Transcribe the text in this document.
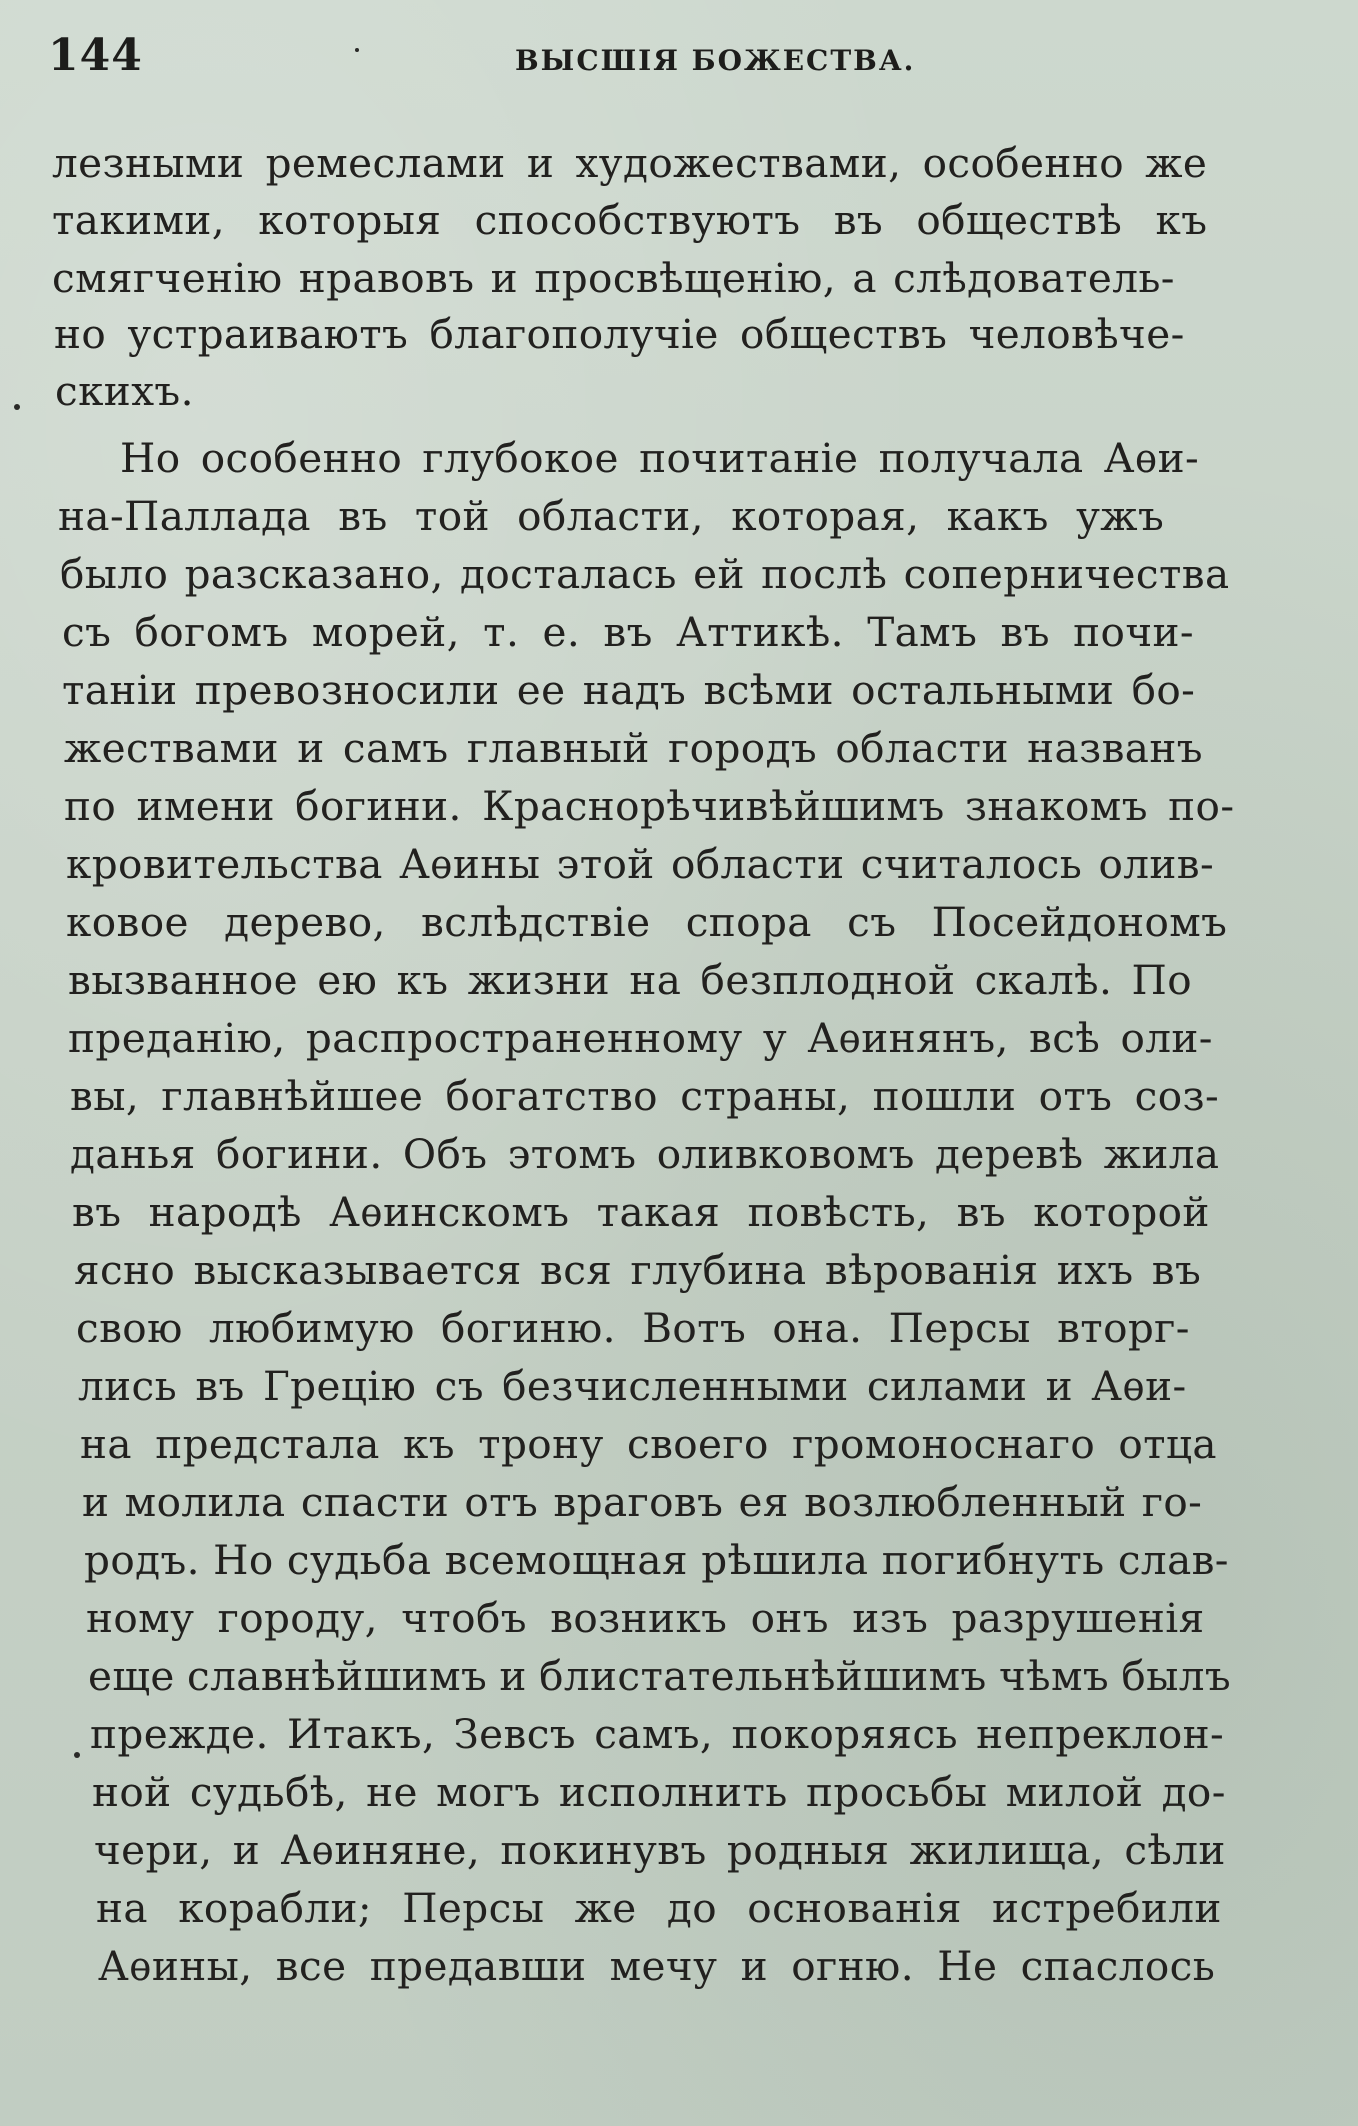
144	ВЫСШІЯ БОЖЕСТВА.
лезными ремеслами и художествами, особенно же
такими, которыя способствуютъ въ обществѣ къ
смягченію нравовъ и просвѣщенію, а слѣдователь-
но устраиваютъ благополучіе обществъ человѣче-
скихъ.
Но особенно глубокое почитаніе получала Аѳи-
на-Паллада въ той области, которая, какъ ужъ
было разсказано, досталась ей послѣ соперничества
съ богомъ морей, т. е. въ Аттикѣ. Тамъ въ почи-
таніи превозносили ее надъ всѣми остальными бо-
жествами и самъ главный городъ области названъ
по имени богини. Краснорѣчивѣйшимъ знакомъ по-
кровительства Аѳины этой области считалось олив-
ковое дерево, вслѣдствіе спора съ Посейдономъ
вызванное ею къ жизни на безплодной скалѣ. По
преданію, распространенному у Аѳинянъ, всѣ оли-
вы, главнѣйшее богатство страны, пошли отъ соз-
данья богини. Объ этомъ оливковомъ деревѣ жила
въ народѣ Аѳинскомъ такая повѣсть, въ которой
ясно высказывается вся глубина вѣрованія ихъ въ
свою любимую богиню. Вотъ она. Персы вторг-
лись въ Грецію съ безчисленными силами и Аѳи-
на предстала къ трону своего громоноснаго отца
и молила спасти отъ враговъ ея возлюбленный го-
родъ. Но судьба всемощная рѣшила погибнуть слав-
ному городу, чтобъ возникъ онъ изъ разрушенія
еще славнѣйшимъ и блистательнѣйшимъ чѣмъ былъ
прежде. Итакъ, Зевсъ самъ, покоряясь непреклон-
ной судьбѣ, не могъ исполнить просьбы милой до-
чери, и Аѳиняне, покинувъ родныя жилища, сѣли
на корабли; Персы же до основанія истребили
Аѳины, все предавши мечу и огню. Не спаслось
